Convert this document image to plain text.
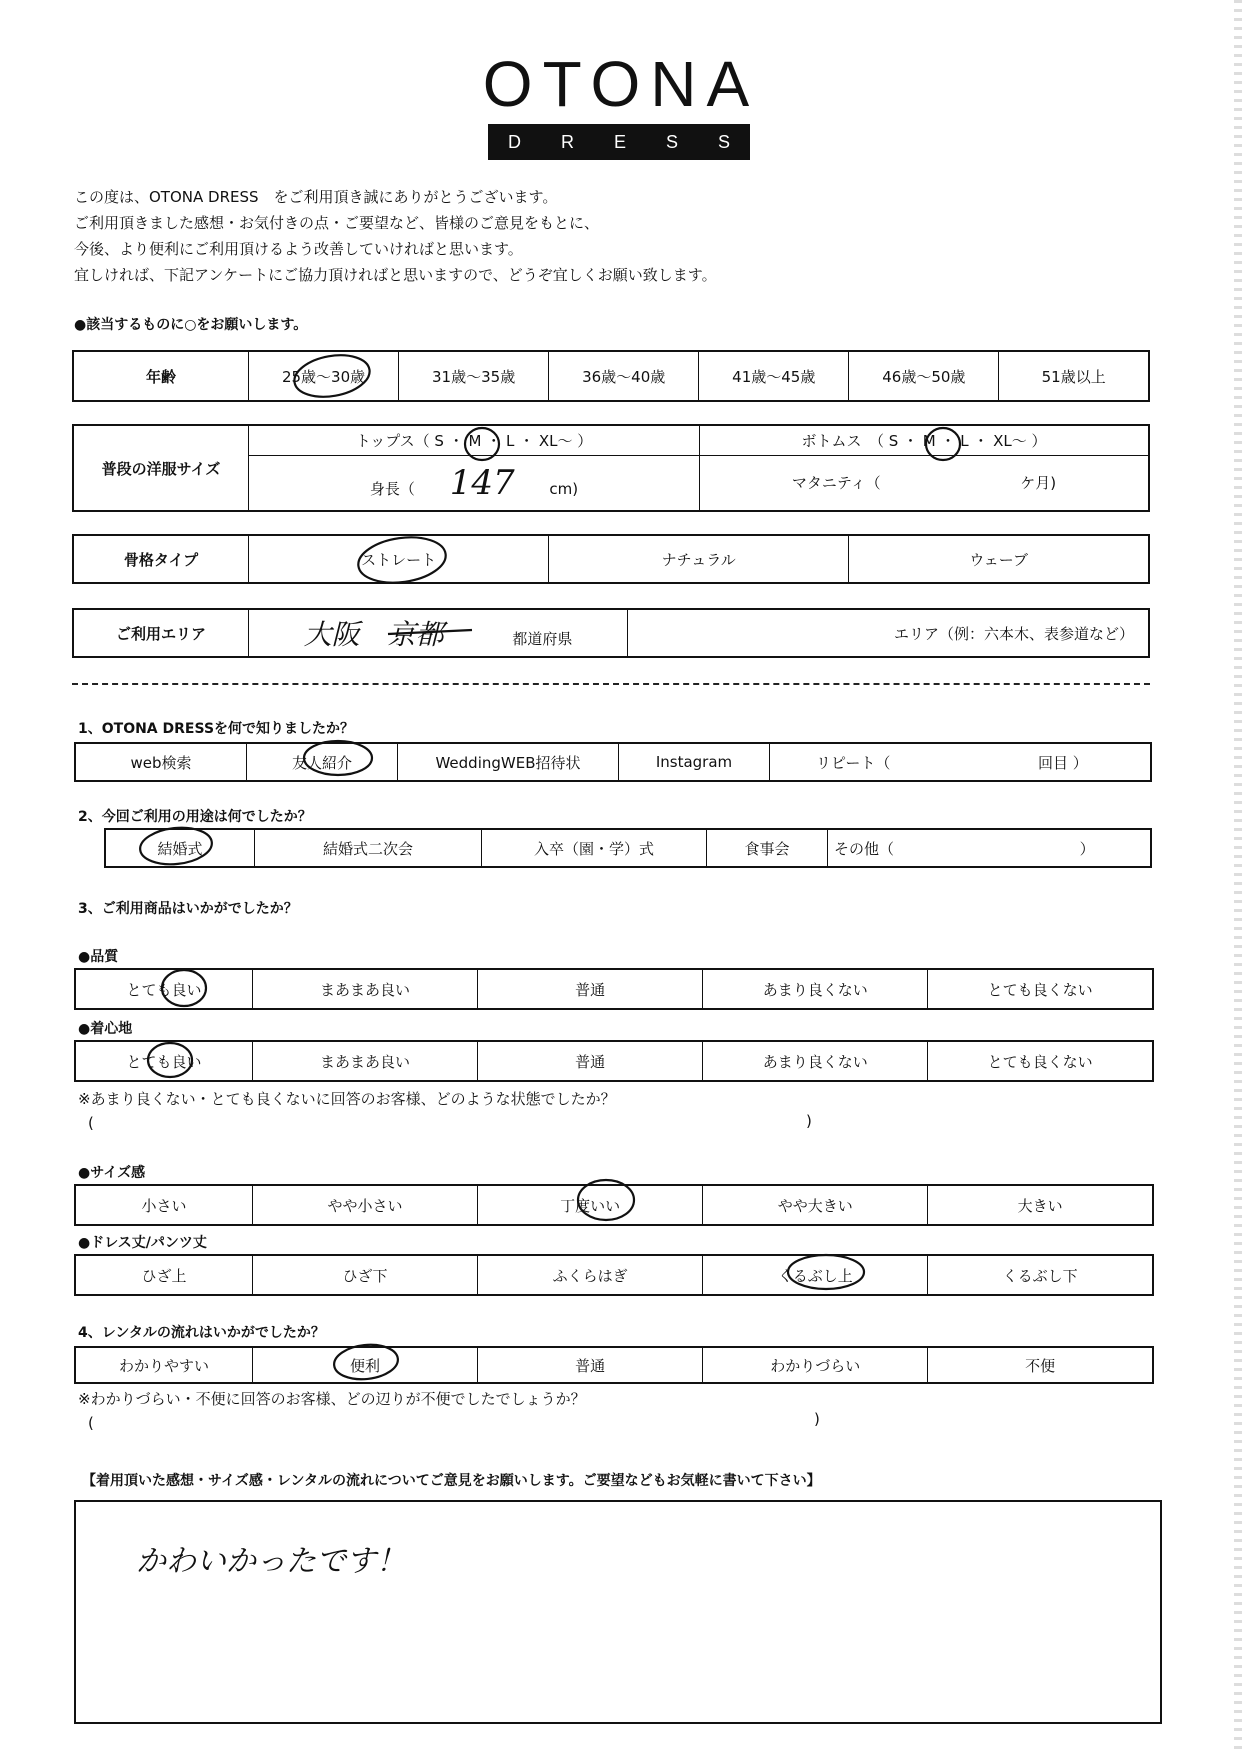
OTONA
D R E S S
この度は、OTONA DRESS　をご利用頂き誠にありがとうございます。
ご利用頂きました感想・お気付きの点・ご要望など、皆様のご意見をもとに、
今後、より便利にご利用頂けるよう改善していければと思います。
宜しければ、下記アンケートにご協力頂ければと思いますので、どうぞ宜しくお願い致します。
●該当するものに○をお願いします。
年齢	25歳〜30歳	31歳〜35歳	36歳〜40歳	41歳〜45歳	46歳〜50歳	51歳以上
普段の洋服サイズ	トップス（ S ・ M ・ L ・ XL〜 ）	ボトムス　（ S ・ M ・ L ・ XL〜 ）
	身長（ 147 cm)	マタニティ（ ケ月)
骨格タイプ	ストレート	ナチュラル	ウェーブ
ご利用エリア	大阪　京都	都道府県	エリア（例：六本木、表参道など）
1、OTONA DRESSを何で知りましたか？
web検索	友人紹介	WeddingWEB招待状	Instagram	リピート（	回目 ）
2、今回ご利用の用途は何でしたか？
結婚式	結婚式二次会	入卒（園・学）式	食事会	その他（	）
3、ご利用商品はいかがでしたか？
●品質
とても良い	まあまあ良い	普通	あまり良くない	とても良くない
●着心地
とても良い	まあまあ良い	普通	あまり良くない	とても良くない
※あまり良くない・とても良くないに回答のお客様、どのような状態でしたか？
(	)
●サイズ感
小さい	やや小さい	丁度いい	やや大きい	大きい
●ドレス丈/パンツ丈
ひざ上	ひざ下	ふくらはぎ	くるぶし上	くるぶし下
4、レンタルの流れはいかがでしたか？
わかりやすい	便利	普通	わかりづらい	不便
※わかりづらい・不便に回答のお客様、どの辺りが不便でしたでしょうか？
(	)
【着用頂いた感想・サイズ感・レンタルの流れについてご意見をお願いします。ご要望などもお気軽に書いて下さい】
かわいかったです！
